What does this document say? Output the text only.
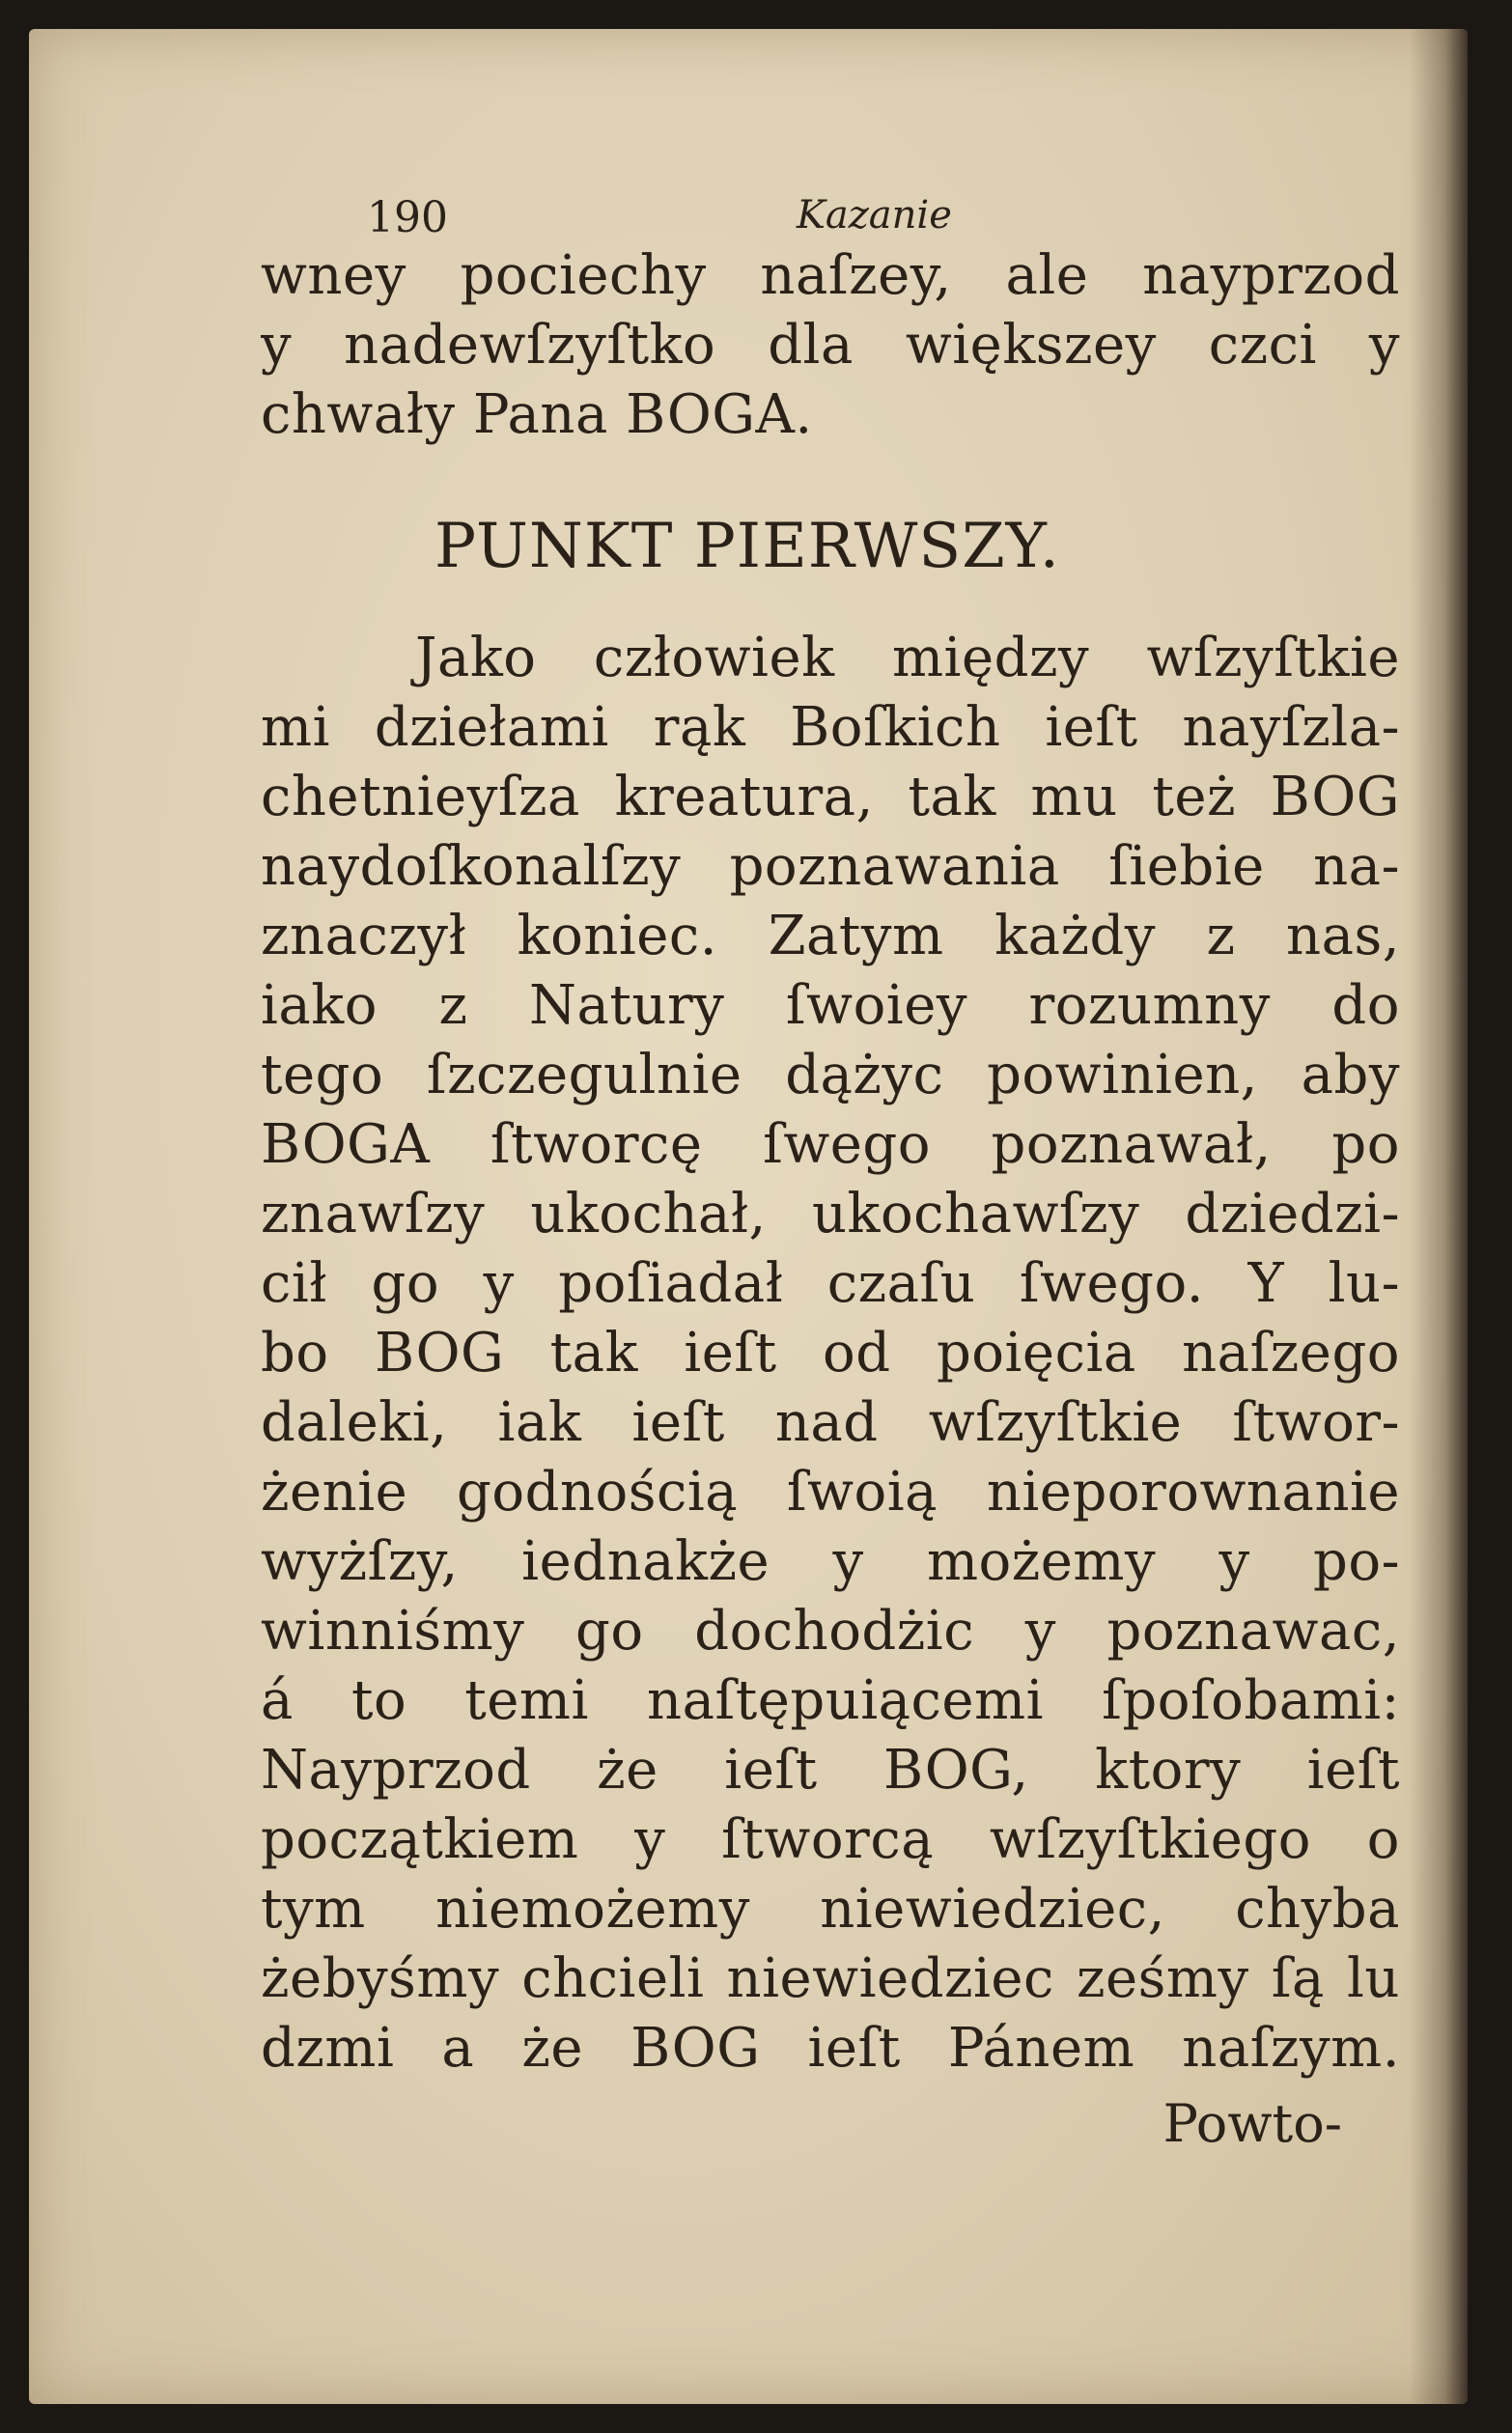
190	Kazanie
wney pociechy naſzey, ale nayprzod
y nadewſzyſtko dla większey czci y
chwały Pana BOGA.
PUNKT PIERWSZY.
Jako człowiek między wſzyſtkie
mi dziełami rąk Boſkich ieſt nayſzla-
chetnieyſza kreatura, tak mu też BOG
naydoſkonalſzy poznawania ſiebie na-
znaczył koniec. Zatym każdy z nas,
iako z Natury ſwoiey rozumny do
tego ſzczegulnie dążyc powinien, aby
BOGA ſtworcę ſwego poznawał, po
znawſzy ukochał, ukochawſzy dziedzi-
cił go y poſiadał czaſu ſwego. Y lu-
bo BOG tak ieſt od poięcia naſzego
daleki, iak ieſt nad wſzyſtkie ſtwor-
żenie godnością ſwoią nieporownanie
wyżſzy, iednakże y możemy y po-
winniśmy go dochodżic y poznawac,
á to temi naſtępuiącemi ſpoſobami:
Nayprzod że ieſt BOG, ktory ieſt
początkiem y ſtworcą wſzyſtkiego o
tym niemożemy niewiedziec, chyba
żebyśmy chcieli niewiedziec ześmy ſą lu
dzmi a że BOG ieſt Pánem naſzym.
Powto-
